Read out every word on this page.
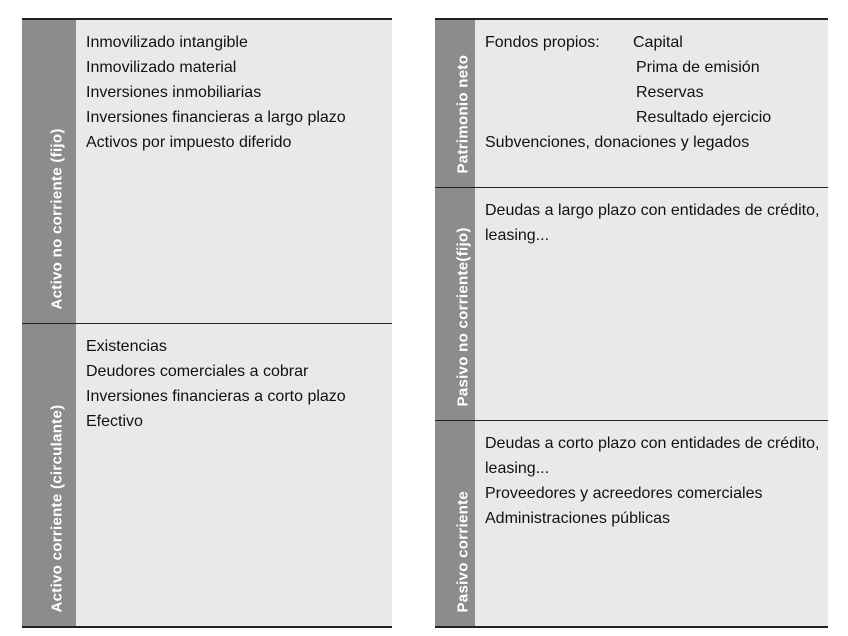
Activo no corriente (fijo)
Inmovilizado intangible
Inmovilizado material
Inversiones inmobiliarias
Inversiones financieras a largo plazo
Activos por impuesto diferido
Activo corriente (circulante)
Existencias
Deudores comerciales a cobrar
Inversiones financieras a corto plazo
Efectivo
Patrimonio neto
Fondos propios:	Capital
Prima de emisión
Reservas
Resultado ejercicio
Subvenciones, donaciones y legados
Pasivo no corriente(fijo)
Deudas a largo plazo con entidades de crédito, leasing...
Pasivo corriente
Deudas a corto plazo con entidades de crédito, leasing...
Proveedores y acreedores comerciales
Administraciones públicas
